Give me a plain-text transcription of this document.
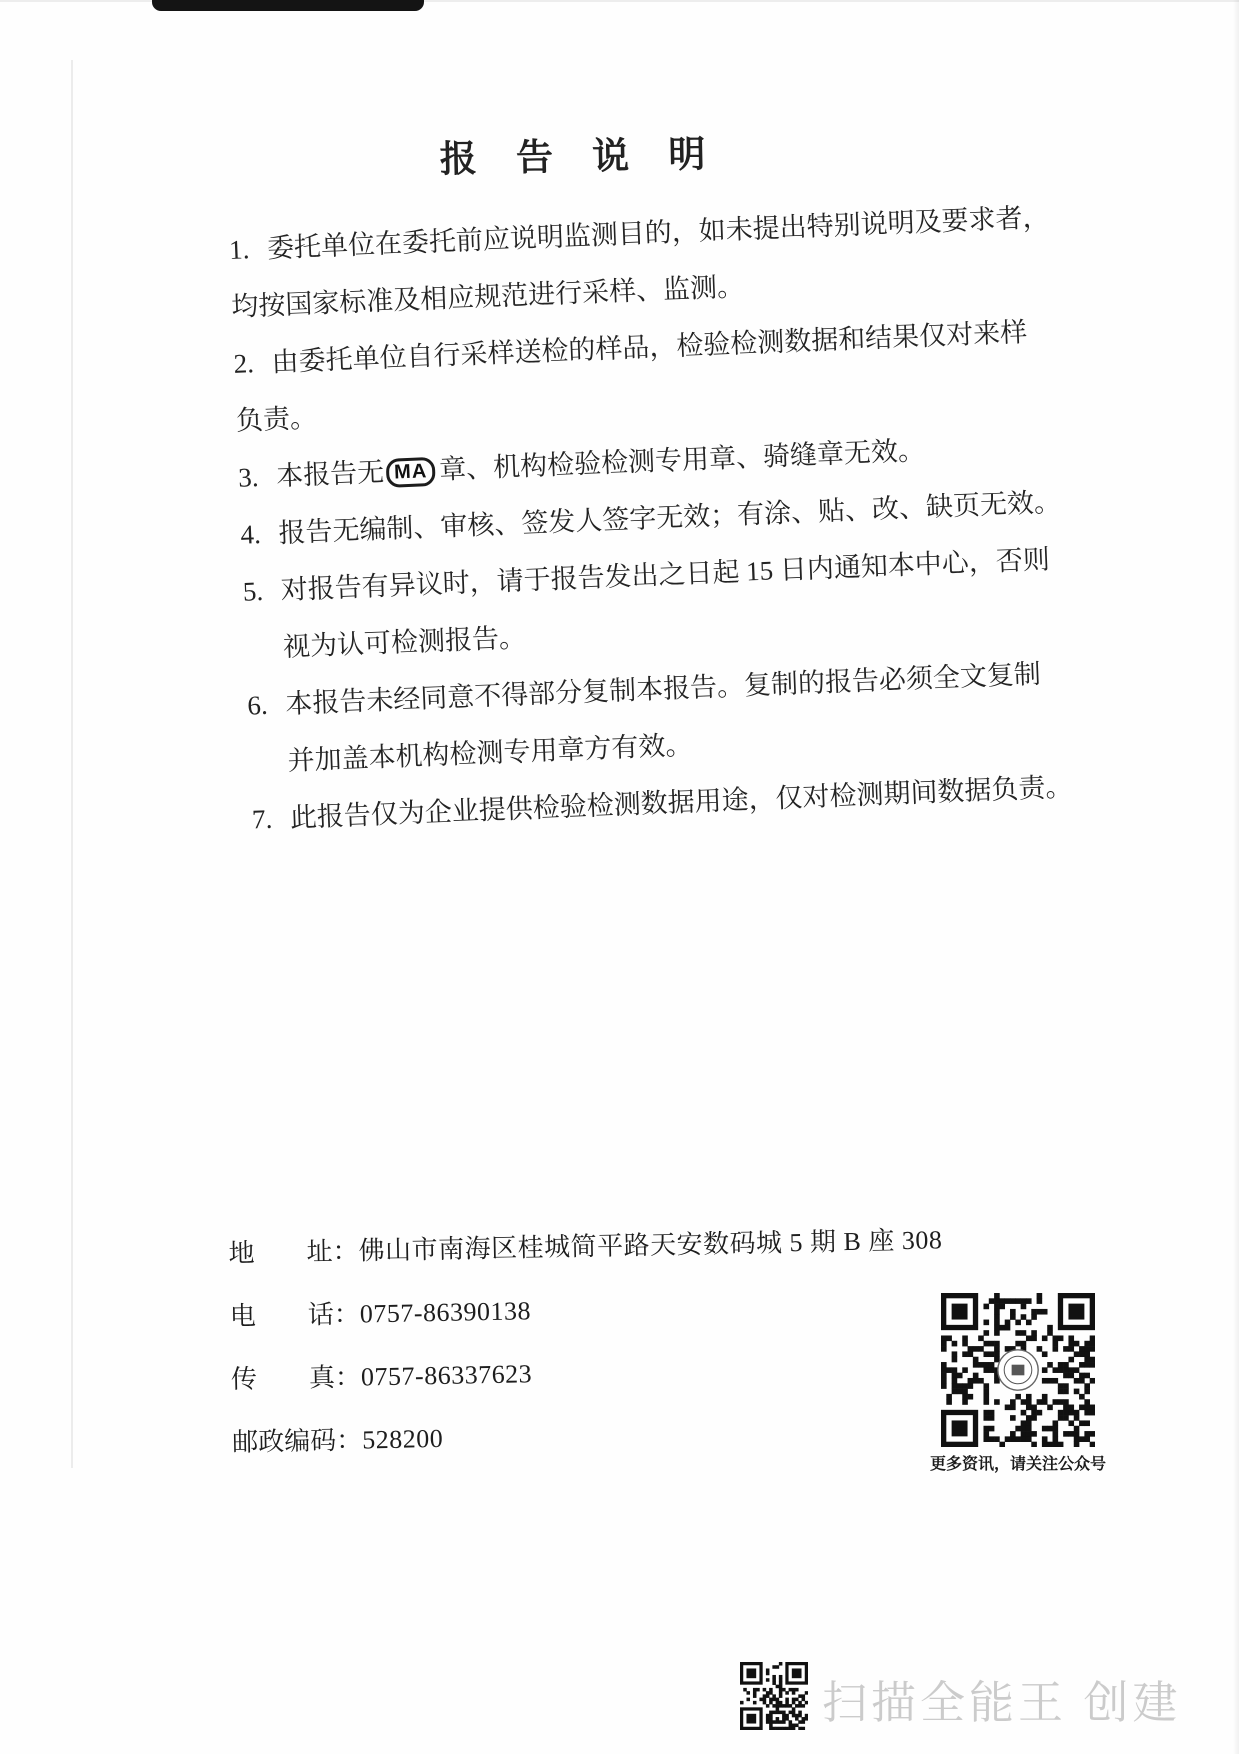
报 告 说 明
1. 委托单位在委托前应说明监测目的，如未提出特别说明及要求者，
均按国家标准及相应规范进行采样、监测。
2. 由委托单位自行采样送检的样品，检验检测数据和结果仅对来样
负责。
3. 本报告无 MA 章、机构检验检测专用章、骑缝章无效。
4. 报告无编制、审核、签发人签字无效；有涂、贴、改、缺页无效。
5. 对报告有异议时，请于报告发出之日起 15 日内通知本中心，否则
视为认可检测报告。
6. 本报告未经同意不得部分复制本报告。复制的报告必须全文复制
并加盖本机构检测专用章方有效。
7. 此报告仅为企业提供检验检测数据用途，仅对检测期间数据负责。
地　　址：佛山市南海区桂城简平路天安数码城 5 期 B 座 308
电　　话：0757-86390138
传　　真：0757-86337623
邮政编码：528200
更多资讯，请关注公众号
扫描全能王 创建
